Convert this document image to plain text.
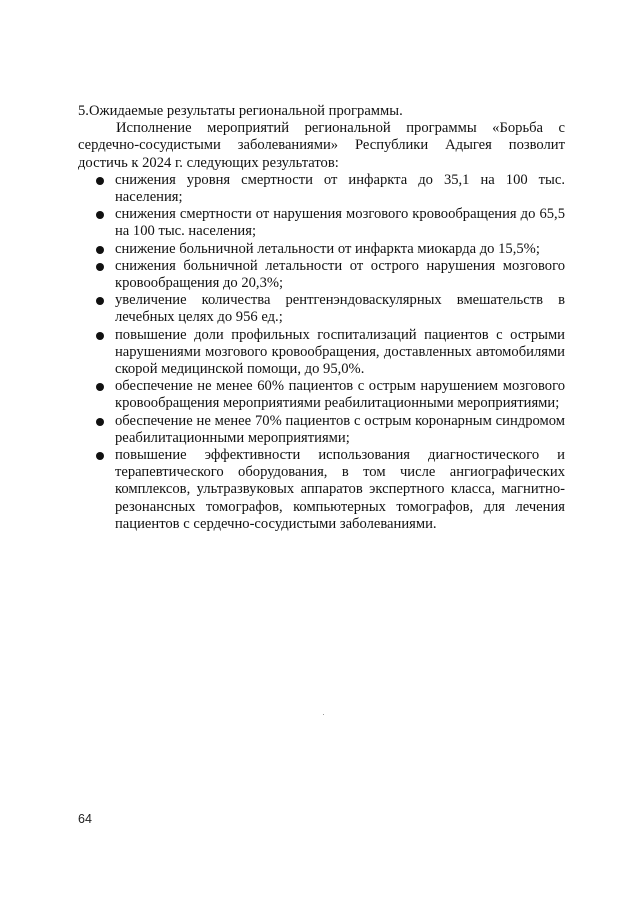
5.Ожидаемые результаты региональной программы.

Исполнение мероприятий региональной программы «Борьба с сердечно-сосудистыми заболеваниями» Республики Адыгея позволит достичь к 2024 г. следующих результатов:

снижения уровня смертности от инфаркта до 35,1 на 100 тыс. населения;
снижения смертности от нарушения мозгового кровообращения до 65,5 на 100 тыс. населения;
снижение больничной летальности от инфаркта миокарда до 15,5%;
снижения больничной летальности от острого нарушения мозгового кровообращения до 20,3%;
увеличение количества рентгенэндоваскулярных вмешательств в лечебных целях до 956 ед.;
повышение доли профильных госпитализаций пациентов с острыми нарушениями мозгового кровообращения, доставленных автомобилями скорой медицинской помощи, до 95,0%.
обеспечение не менее 60% пациентов с острым нарушением мозгового кровообращения мероприятиями реабилитационными мероприятиями;
обеспечение не менее 70% пациентов с острым коронарным синдромом реабилитационными мероприятиями;
повышение эффективности использования диагностического и терапевтического оборудования, в том числе ангиографических комплексов, ультразвуковых аппаратов экспертного класса, магнитно-резонансных томографов, компьютерных томографов, для лечения пациентов с сердечно-сосудистыми заболеваниями.
64
